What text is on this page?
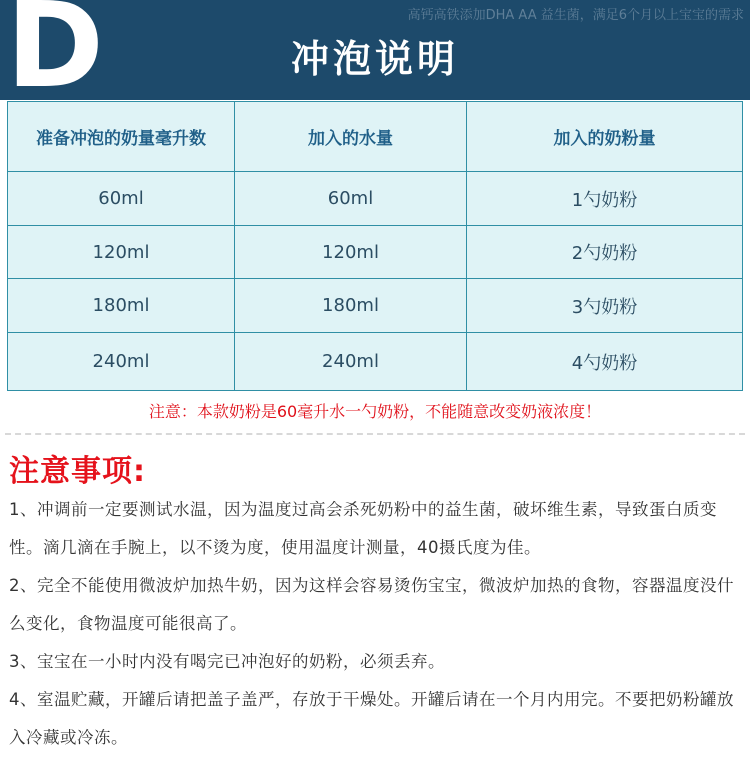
D	高钙高铁添加DHA AA 益生菌，满足6个月以上宝宝的需求
冲泡说明
准备冲泡的奶量毫升数	加入的水量	加入的奶粉量
60ml	60ml	1勺奶粉
120ml	120ml	2勺奶粉
180ml	180ml	3勺奶粉
240ml	240ml	4勺奶粉
注意：本款奶粉是60毫升水一勺奶粉，不能随意改变奶液浓度！
注意事项:

1、冲调前一定要测试水温，因为温度过高会杀死奶粉中的益生菌，破坏维生素，导致蛋白质变性。滴几滴在手腕上，以不烫为度，使用温度计测量，40摄氏度为佳。

2、完全不能使用微波炉加热牛奶，因为这样会容易烫伤宝宝，微波炉加热的食物，容器温度没什么变化，食物温度可能很高了。

3、宝宝在一小时内没有喝完已冲泡好的奶粉，必须丢弃。

4、室温贮藏，开罐后请把盖子盖严，存放于干燥处。开罐后请在一个月内用完。不要把奶粉罐放入冷藏或冷冻。
